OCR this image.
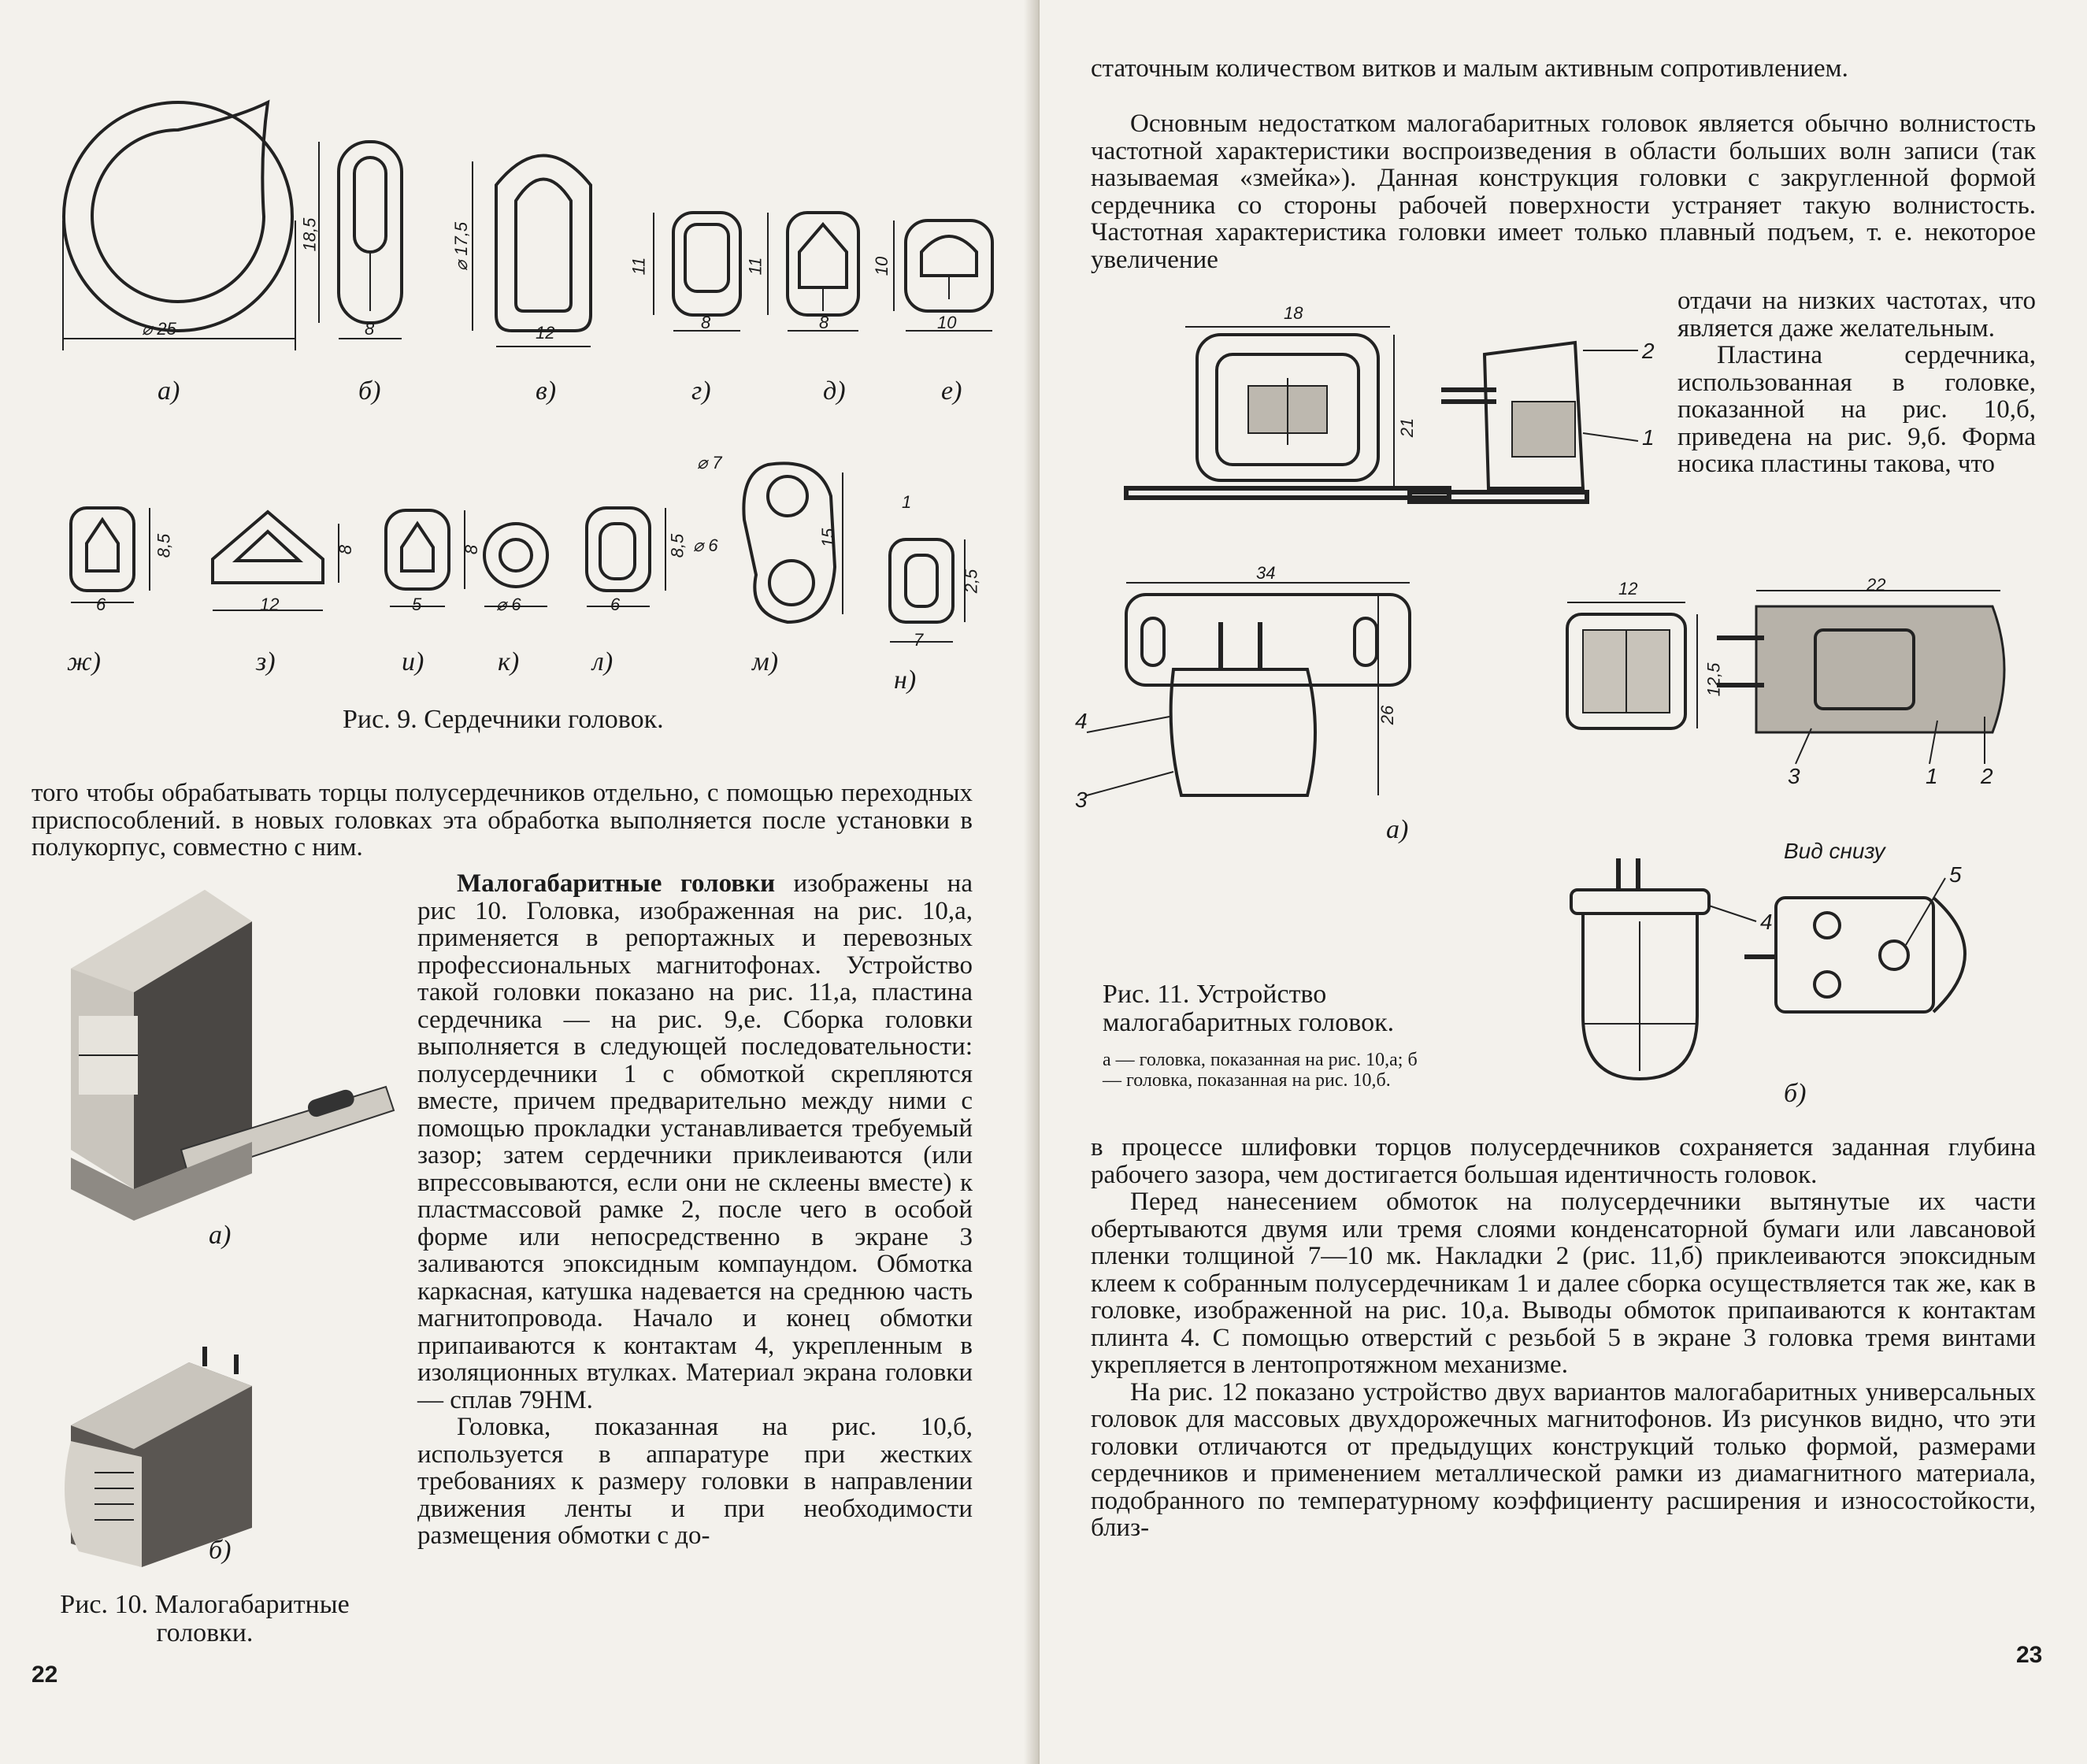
⌀ 25
18,5
8
⌀ 17,5
12
11
8
11
8
10
10
8,5
6
8
12
8
5	⌀ 6
8,5
6
⌀ 7
⌀ 6	15
1
2,5
7
а)	б)	в)	г)	д)	е)
ж)	з)	и)	к)	л)	м)
н)
Рис. 9. Сердечники головок.
того чтобы обрабатывать торцы полусердечников отдельно, с помощью переходных приспособлений. в новых головках эта обработка выполняется после установки в полукорпус, совместно с ним.
а)
б)
Рис. 10. Малогабаритные головки.

Малогабаритные головки изображены на рис 10. Головка, изображенная на рис. 10,а, применяется в репортажных и перевозных профессиональных магнитофонах. Устройство такой головки показано на рис. 11,а, пластина сердечника — на рис. 9,е. Сборка головки выполняется в следующей последовательности: полусердечники 1 с обмоткой скрепляются вместе, причем предварительно между ними с помощью прокладки устанавливается требуемый зазор; затем сердечники приклеиваются (или впрессовываются, если они не склеены вместе) к пластмассовой рамке 2, после чего в особой форме или непосредственно в экране 3 заливаются эпоксидным компаундом. Обмотка каркасная, катушка надевается на среднюю часть магнитопровода. Начало и конец обмотки припаиваются к контактам 4, укрепленным в изоляционных втулках. Материал экрана головки — сплав 79НМ.

Головка, показанная на рис. 10,б, используется в аппаратуре при жестких требованиях к размеру головки в направлении движения ленты и при необходимости размещения обмотки с до-

22
статочным количеством витков и малым активным сопротивлением.
Основным недостатком малогабаритных головок является обычно волнистость частотной характеристики воспроизведения в области больших волн записи (так называемая «змейка»). Данная конструкция головки с закругленной формой сердечника со стороны рабочей поверхности устраняет такую волнистость. Частотная характеристика головки имеет только плавный подъем, т. е. некоторое увеличение

отдачи на низких частотах, что является даже желательным.

Пластина сердечника, использованная в головке, показанной на рис. 10,б, приведена на рис. 9,б. Форма носика пластины такова, что

18
21
34
26
12
12,5
22
2
1
4
3
3	1 2
4
5
а)
Вид снизу
б)
Рис. 11. Устройство малогабаритных головок.
а — головка, показанная на рис. 10,а; б — головка, показанная на рис. 10,б.

в процессе шлифовки торцов полусердечников сохраняется заданная глубина рабочего зазора, чем достигается большая идентичность головок.

Перед нанесением обмоток на полусердечники вытянутые их части обертываются двумя или тремя слоями конденсаторной бумаги или лавсановой пленки толщиной 7—10 мк. Накладки 2 (рис. 11,б) приклеиваются эпоксидным клеем к собранным полусердечникам 1 и далее сборка осуществляется так же, как в головке, изображенной на рис. 10,а. Выводы обмоток припаиваются к контактам плинта 4. С помощью отверстий с резьбой 5 в экране 3 головка тремя винтами укрепляется в лентопротяжном механизме.

На рис. 12 показано устройство двух вариантов малогабаритных универсальных головок для массовых двухдорожечных магнитофонов. Из рисунков видно, что эти головки отличаются от предыдущих конструкций только формой, размерами сердечников и применением металлической рамки из диамагнитного материала, подобранного по температурному коэффициенту расширения и износостойкости, близ-

23
